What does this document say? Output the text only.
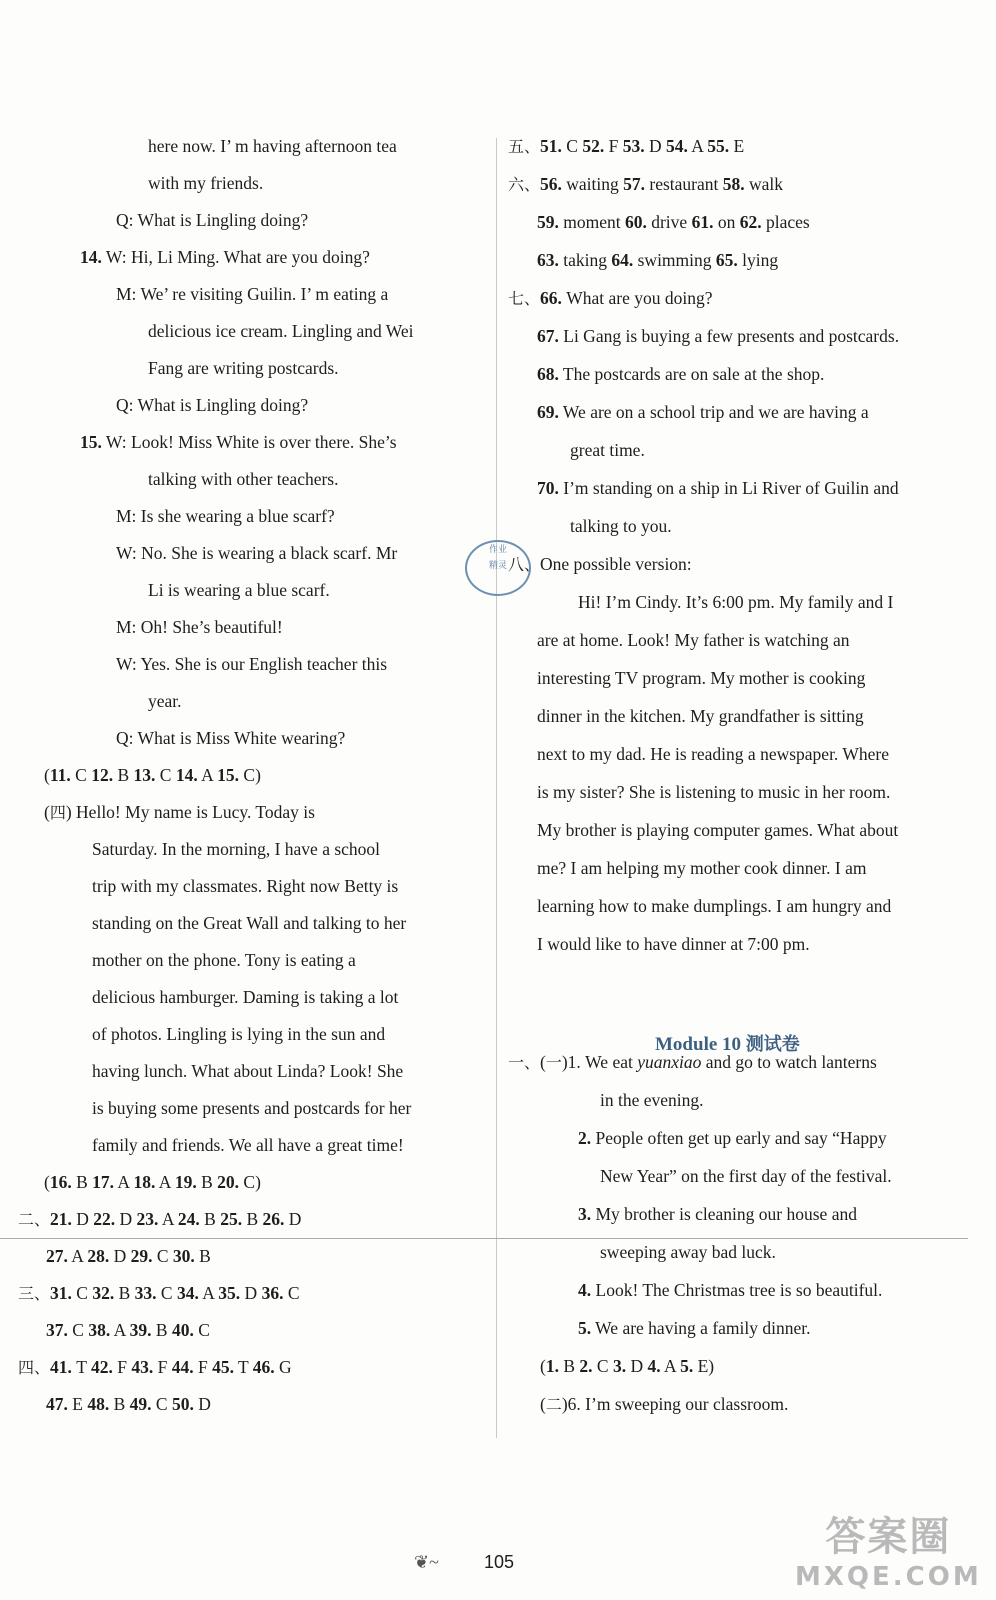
here now. I’ m having afternoon tea
with my friends.
Q: What is Lingling doing?
14. W: Hi, Li Ming. What are you doing?
M: We’ re visiting Guilin. I’ m eating a
delicious ice cream. Lingling and Wei
Fang are writing postcards.
Q: What is Lingling doing?
15. W: Look! Miss White is over there. She’s
talking with other teachers.
M: Is she wearing a blue scarf?
W: No. She is wearing a black scarf. Mr
Li is wearing a blue scarf.
M: Oh! She’s beautiful!
W: Yes. She is our English teacher this
year.
Q: What is Miss White wearing?
(11. C 12. B 13. C 14. A 15. C)
(四) Hello! My name is Lucy. Today is
Saturday. In the morning, I have a school
trip with my classmates. Right now Betty is
standing on the Great Wall and talking to her
mother on the phone. Tony is eating a
delicious hamburger. Daming is taking a lot
of photos. Lingling is lying in the sun and
having lunch. What about Linda? Look! She
is buying some presents and postcards for her
family and friends. We all have a great time!
(16. B 17. A 18. A 19. B 20. C)
二、21. D 22. D 23. A 24. B 25. B 26. D
27. A 28. D 29. C 30. B
三、31. C 32. B 33. C 34. A 35. D 36. C
37. C 38. A 39. B 40. C
四、41. T 42. F 43. F 44. F 45. T 46. G
47. E 48. B 49. C 50. D
五、51. C 52. F 53. D 54. A 55. E
六、56. waiting 57. restaurant 58. walk
59. moment 60. drive 61. on 62. places
63. taking 64. swimming 65. lying
七、66. What are you doing?
67. Li Gang is buying a few presents and postcards.
68. The postcards are on sale at the shop.
69. We are on a school trip and we are having a
great time.
70. I’m standing on a ship in Li River of Guilin and
talking to you.
八、One possible version:
Hi! I’m Cindy. It’s 6:00 pm. My family and I
are at home. Look! My father is watching an
interesting TV program. My mother is cooking
dinner in the kitchen. My grandfather is sitting
next to my dad. He is reading a newspaper. Where
is my sister? She is listening to music in her room.
My brother is playing computer games. What about
me? I am helping my mother cook dinner. I am
learning how to make dumplings. I am hungry and
I would like to have dinner at 7:00 pm.
一、(一)1. We eat yuanxiao and go to watch lanterns
in the evening.
2. People often get up early and say “Happy
New Year” on the first day of the festival.
3. My brother is cleaning our house and
sweeping away bad luck.
4. Look! The Christmas tree is so beautiful.
5. We are having a family dinner.
(1. B 2. C 3. D 4. A 5. E)
(二)6. I’m sweeping our classroom.
Module 10 测试卷
作业
精灵
❦~	105
答案圈
MXQE.COM
